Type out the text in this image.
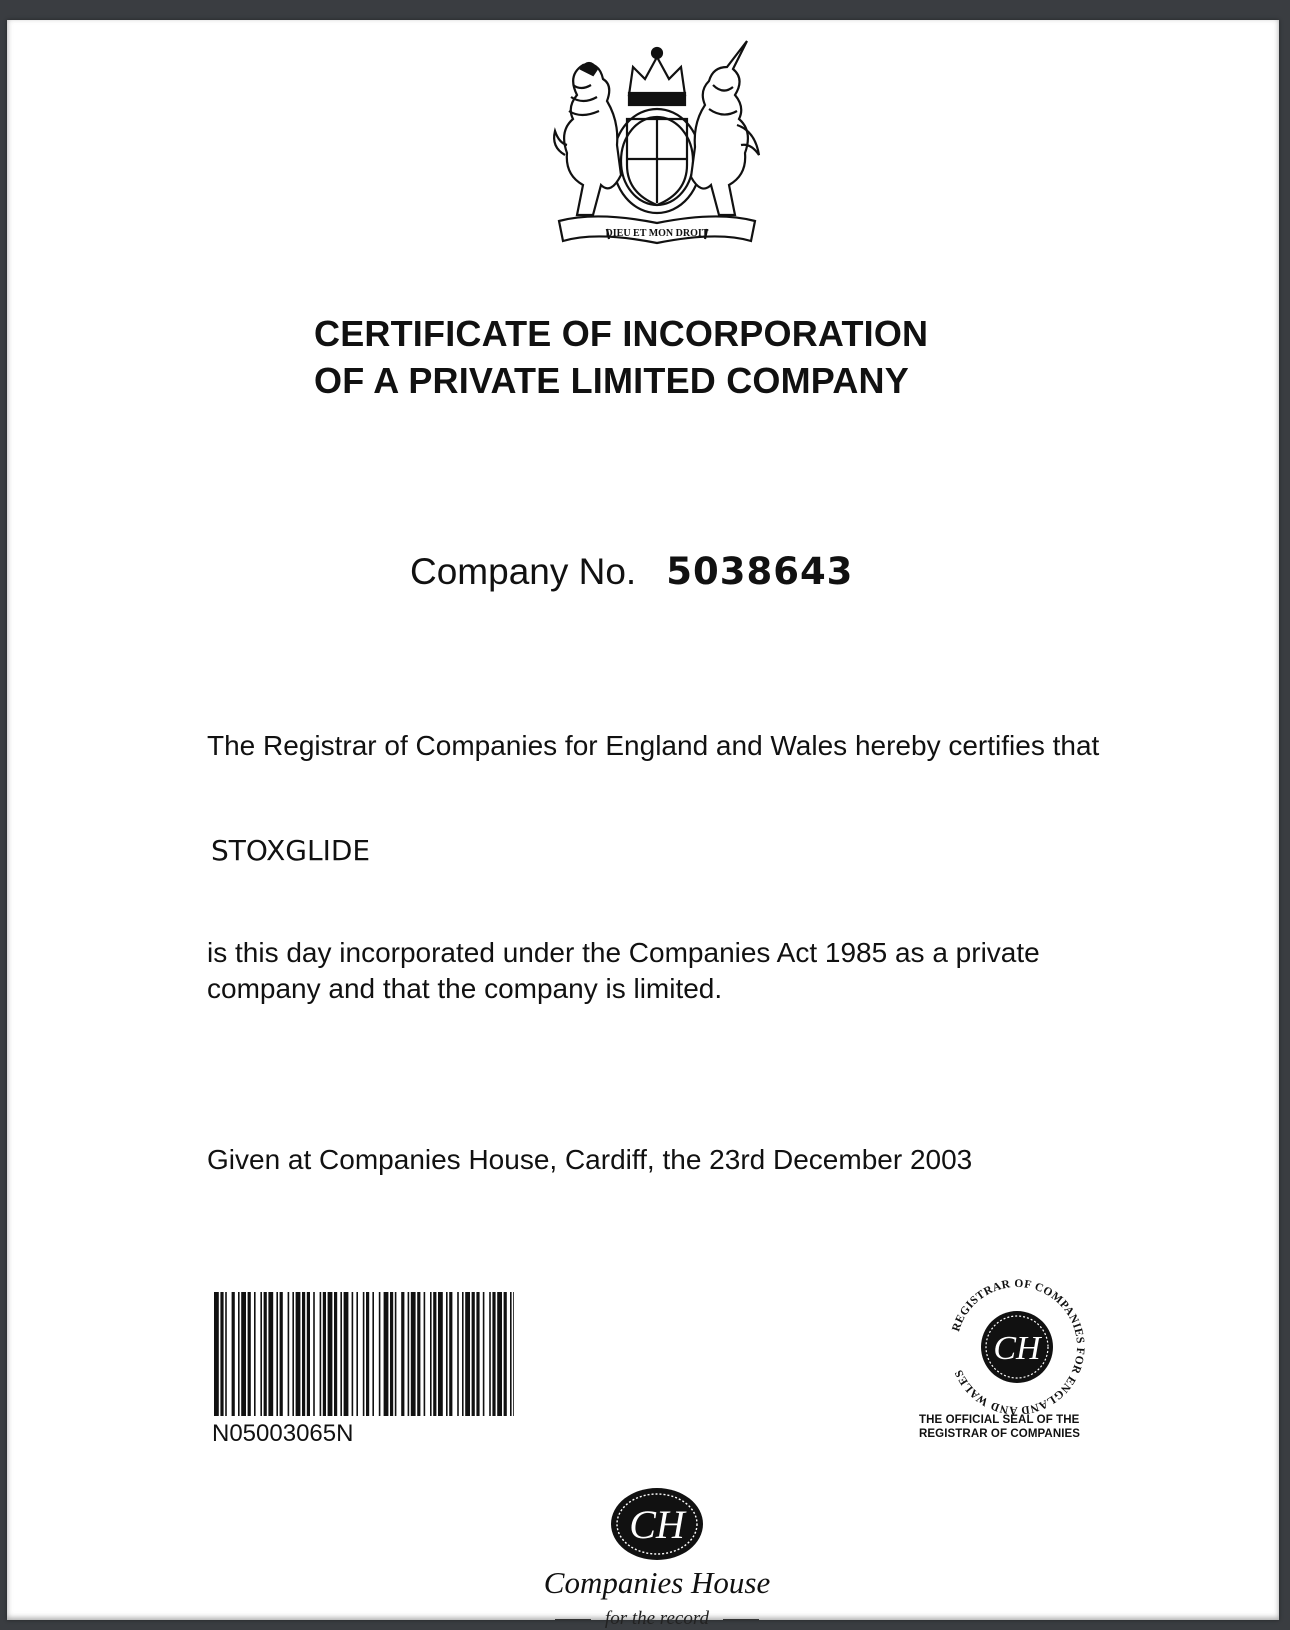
DIEU ET MON DROIT
CERTIFICATE OF INCORPORATION
OF A PRIVATE LIMITED COMPANY
Company No. 5038643
The Registrar of Companies for England and Wales hereby certifies that
STOXGLIDE
is this day incorporated under the Companies Act 1985 as a private
company and that the company is limited.
Given at Companies House, Cardiff, the 23rd December 2003
N05003065N
CH
REGISTRAR OF COMPANIES FOR ENGLAND AND WALES
THE OFFICIAL SEAL OF THE
REGISTRAR OF COMPANIES
CH
Companies House
for the record
